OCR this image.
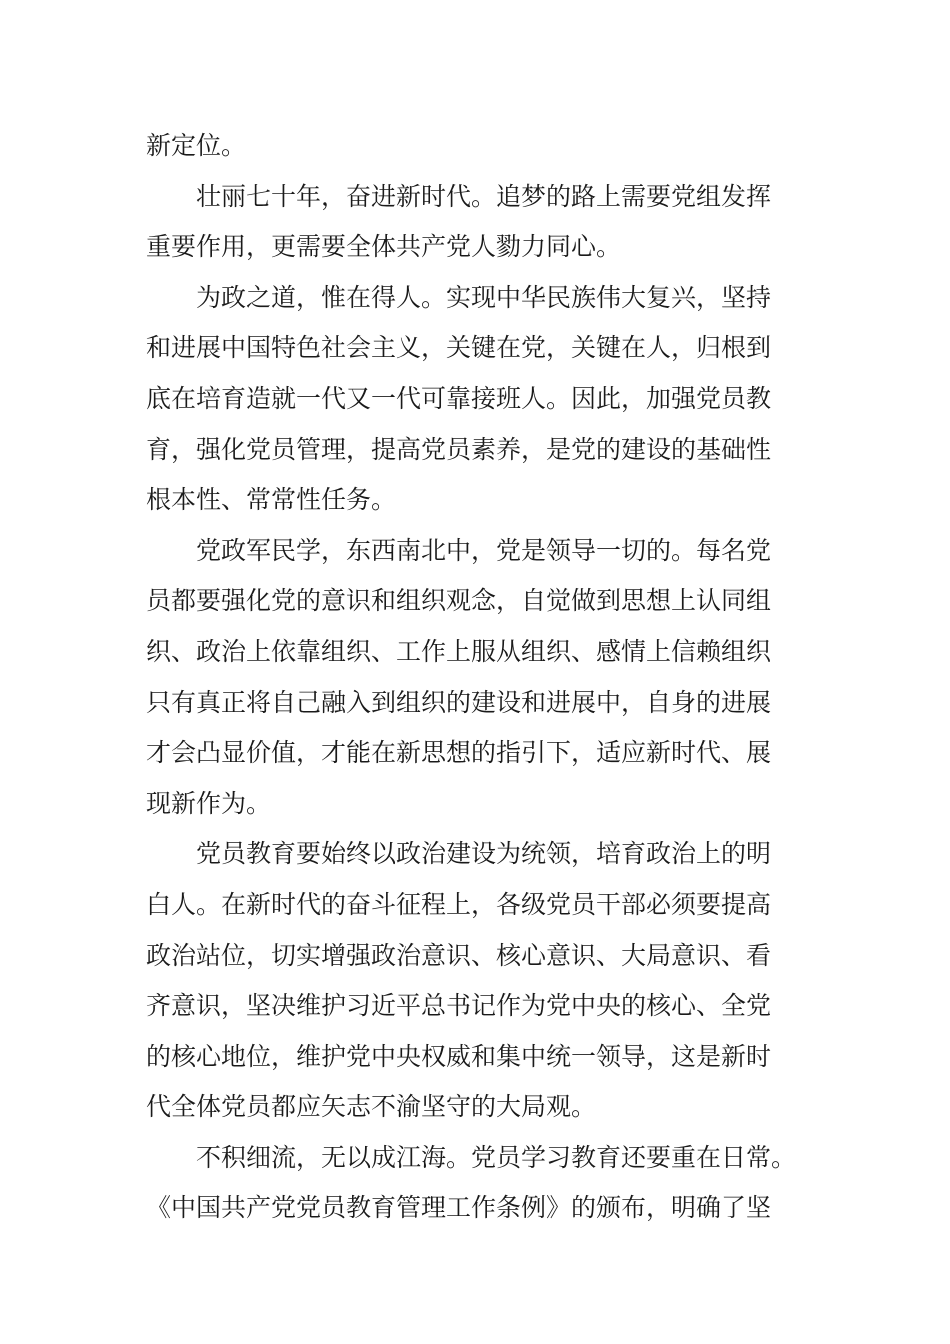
新定位。
壮丽七十年，奋进新时代。追梦的路上需要党组发挥
重要作用，更需要全体共产党人勠力同心。
为政之道，惟在得人。实现中华民族伟大复兴，坚持
和进展中国特色社会主义，关键在党，关键在人，归根到
底在培育造就一代又一代可靠接班人。因此，加强党员教
育，强化党员管理，提高党员素养，是党的建设的基础性
根本性、常常性任务。
党政军民学，东西南北中，党是领导一切的。每名党
员都要强化党的意识和组织观念，自觉做到思想上认同组
织、政治上依靠组织、工作上服从组织、感情上信赖组织
只有真正将自己融入到组织的建设和进展中，自身的进展
才会凸显价值，才能在新思想的指引下，适应新时代、展
现新作为。
党员教育要始终以政治建设为统领，培育政治上的明
白人。在新时代的奋斗征程上，各级党员干部必须要提高
政治站位，切实增强政治意识、核心意识、大局意识、看
齐意识，坚决维护习近平总书记作为党中央的核心、全党
的核心地位，维护党中央权威和集中统一领导，这是新时
代全体党员都应矢志不渝坚守的大局观。
不积细流，无以成江海。党员学习教育还要重在日常。
《中国共产党党员教育管理工作条例》的颁布，明确了坚
